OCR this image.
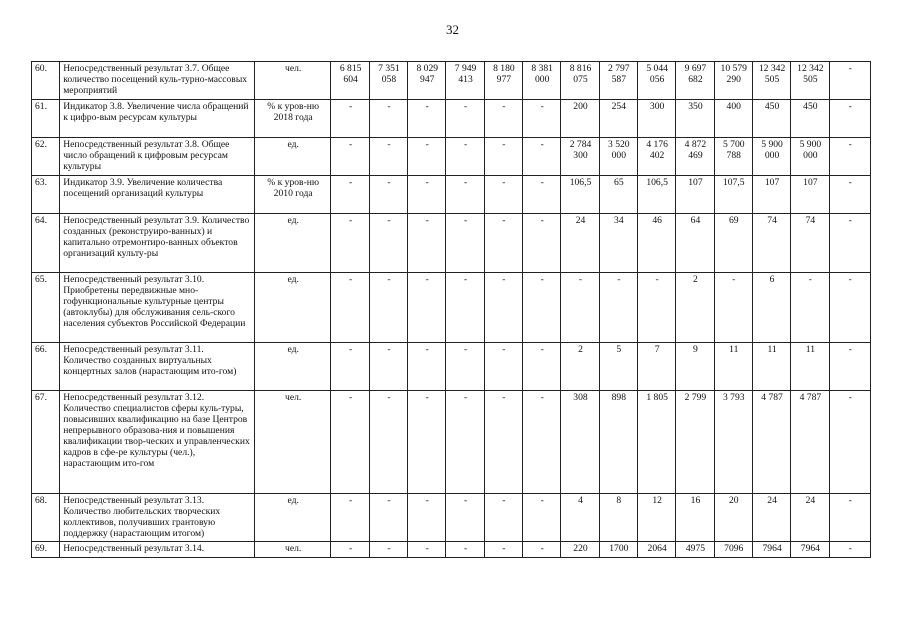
32
60.	Непосредственный результат 3.7. Общее количество посещений куль-турно-массовых мероприятий	чел.	6 815 604	7 351 058	8 029 947	7 949 413	8 180 977	8 381 000	8 816 075	2 797 587	5 044 056	9 697 682	10 579 290	12 342 505	12 342 505	-
61.	Индикатор 3.8. Увеличение числа обращений к цифро-вым ресурсам культуры	% к уров-ню 2018 года	-	-	-	-	-	-	200	254	300	350	400	450	450	-
62.	Непосредственный результат 3.8. Общее число обращений к цифровым ресурсам культуры	ед.	-	-	-	-	-	-	2 784 300	3 520 000	4 176 402	4 872 469	5 700 788	5 900 000	5 900 000	-
63.	Индикатор 3.9. Увеличение количества посещений организаций культуры	% к уров-ню 2010 года	-	-	-	-	-	-	106,5	65	106,5	107	107,5	107	107	-
64.	Непосредственный результат 3.9. Количество созданных (реконструиро-ванных) и капитально отремонтиро-ванных объектов организаций культу-ры	ед.	-	-	-	-	-	-	24	34	46	64	69	74	74	-
65.	Непосредственный результат 3.10. Приобретены передвижные мно-гофункциональные культурные центры (автоклубы) для обслуживания сель-ского населения субъектов Российской Федерации	ед.	-	-	-	-	-	-	-	-	-	2	-	6	-	-
66.	Непосредственный результат 3.11. Количество созданных виртуальных концертных залов (нарастающим ито-гом)	ед.	-	-	-	-	-	-	2	5	7	9	11	11	11	-
67.	Непосредственный результат 3.12. Количество специалистов сферы куль-туры, повысивших квалификацию на базе Центров непрерывного образова-ния и повышения квалификации твор-ческих и управленческих кадров в сфе-ре культуры (чел.), нарастающим ито-гом	чел.	-	-	-	-	-	-	308	898	1 805	2 799	3 793	4 787	4 787	-
68.	Непосредственный результат 3.13. Количество любительских творческих коллективов, получивших грантовую поддержку (нарастающим итогом)	ед.	-	-	-	-	-	-	4	8	12	16	20	24	24	-
69.	Непосредственный результат 3.14.	чел.	-	-	-	-	-	-	220	1700	2064	4975	7096	7964	7964	-
